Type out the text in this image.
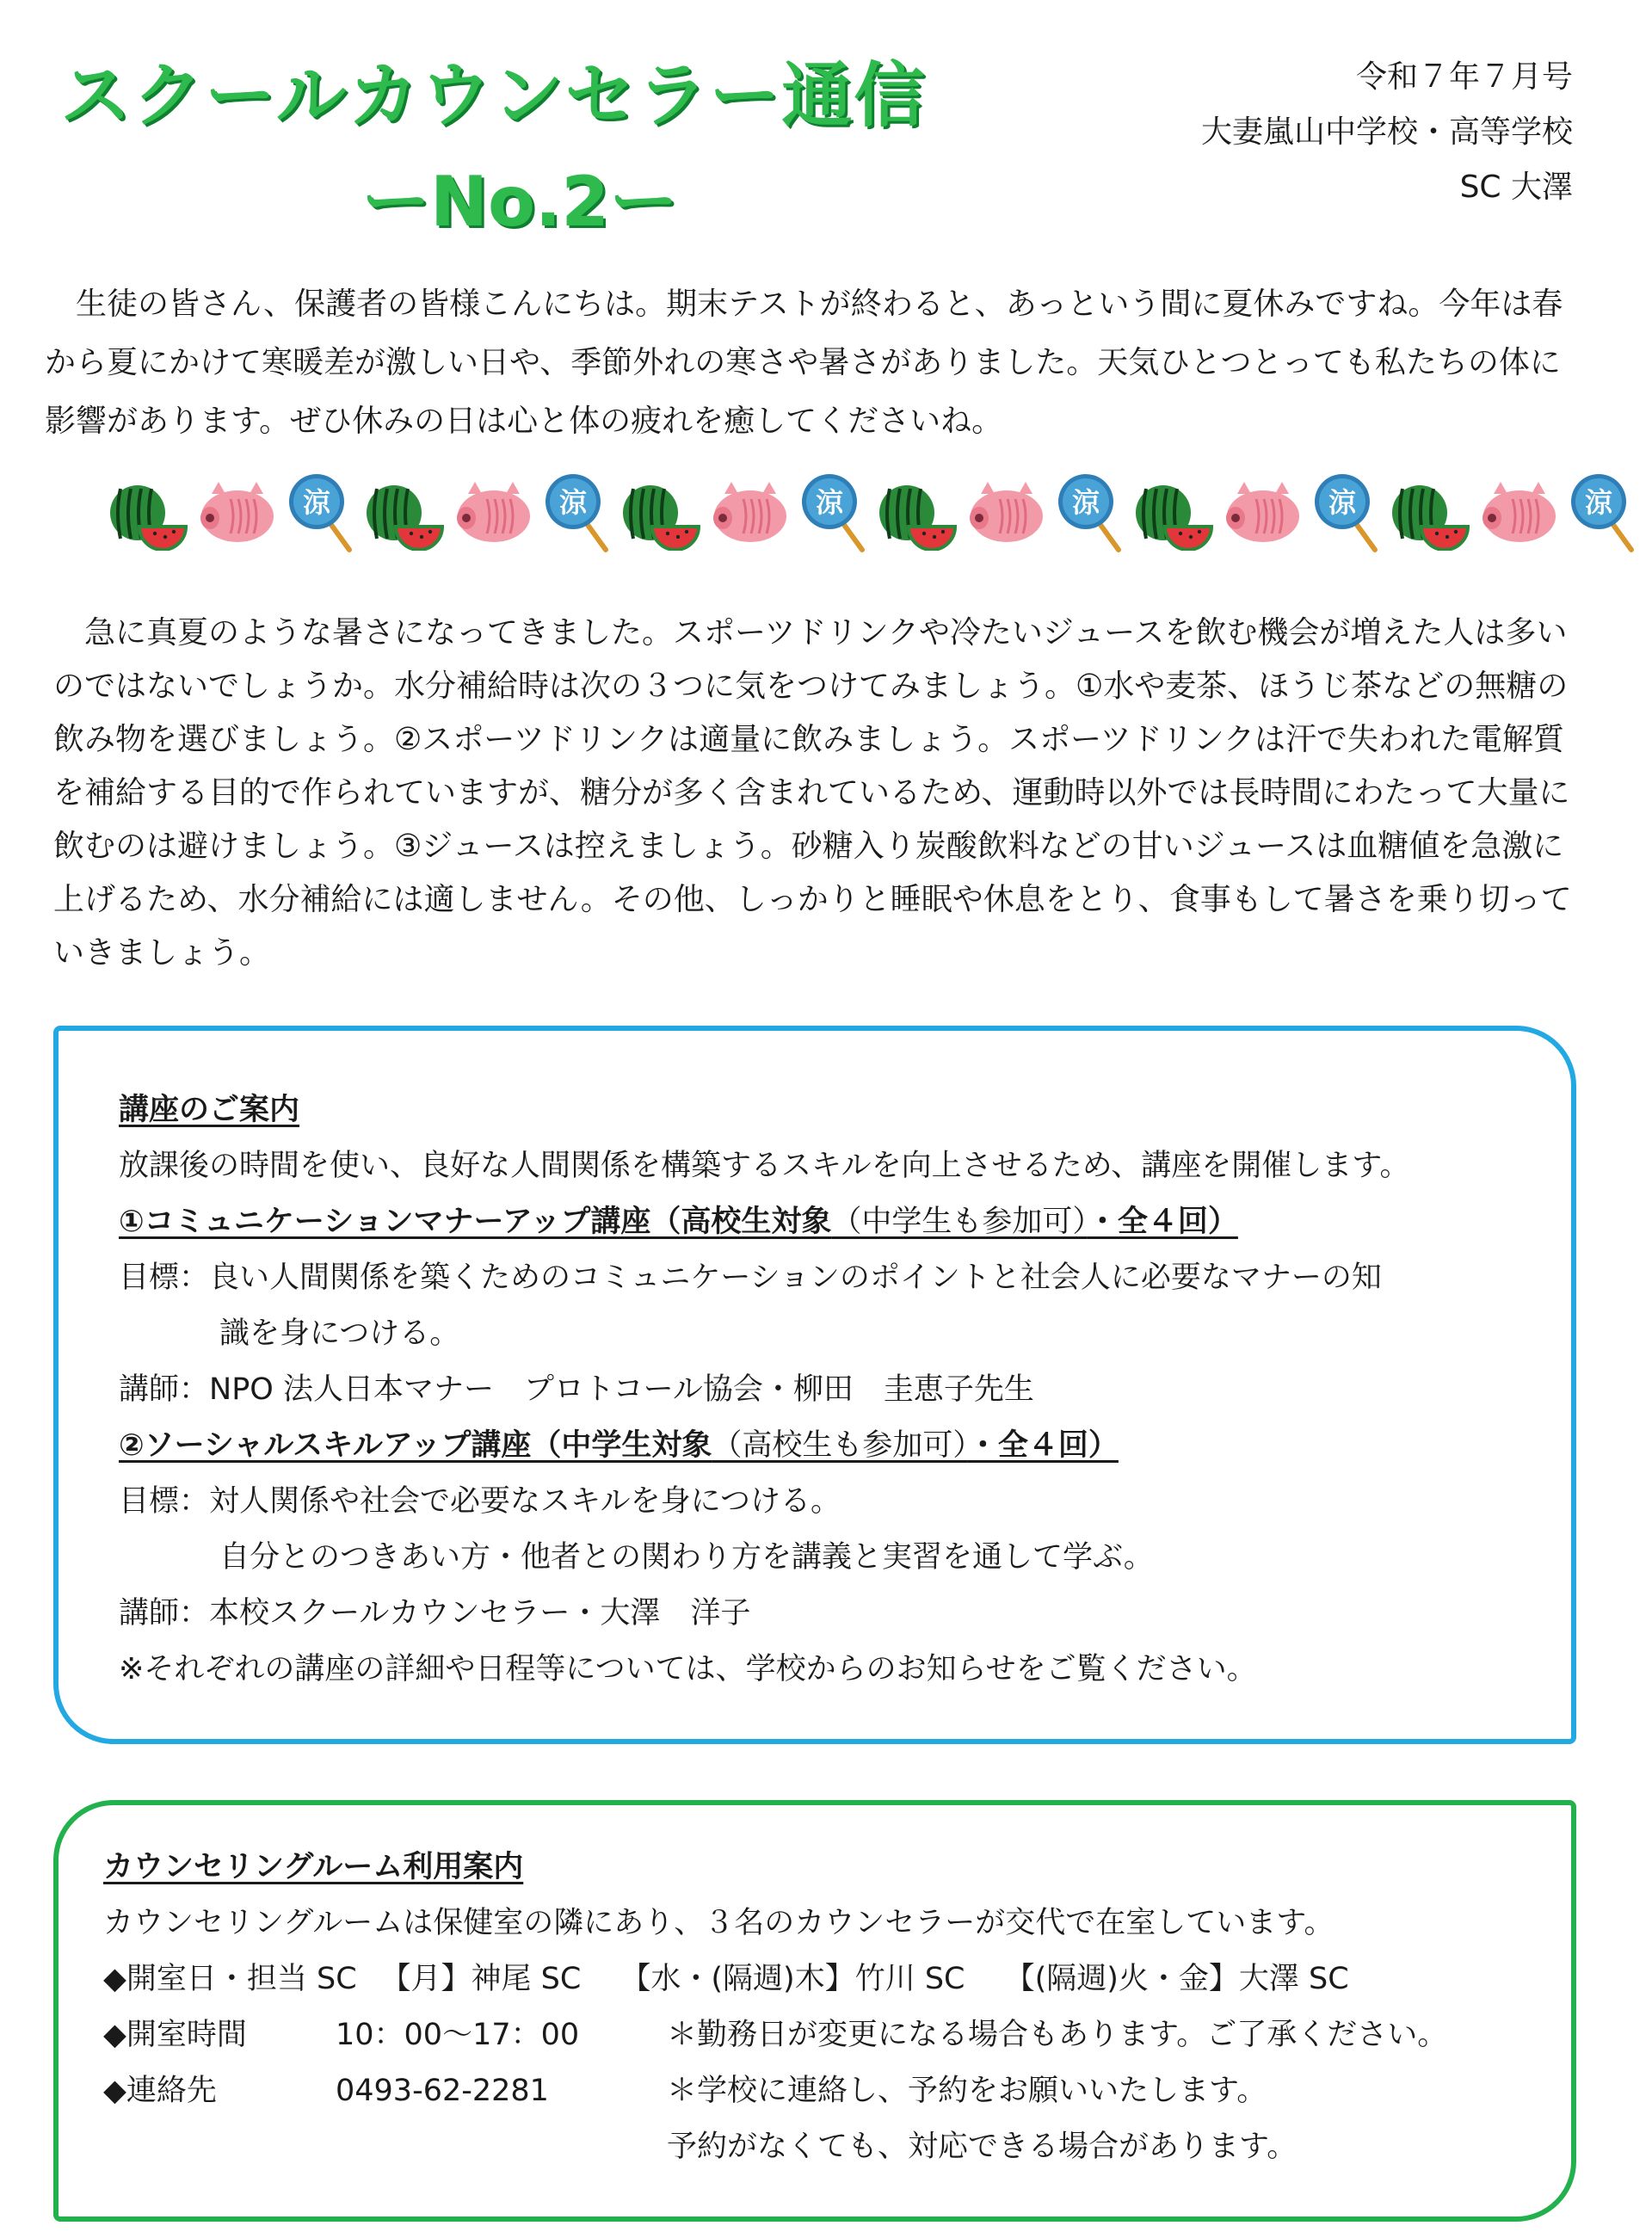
スクールカウンセラー通信
ーNo.2ー
令和７年７月号
大妻嵐山中学校・高等学校
SC 大澤

　生徒の皆さん、保護者の皆様こんにちは。期末テストが終わると、あっという間に夏休みですね。今年は春から夏にかけて寒暖差が激しい日や、季節外れの寒さや暑さがありました。天気ひとつとっても私たちの体に影響があります。ぜひ休みの日は心と体の疲れを癒してくださいね。

涼	涼	涼	涼	涼	涼

　急に真夏のような暑さになってきました。スポーツドリンクや冷たいジュースを飲む機会が増えた人は多いのではないでしょうか。水分補給時は次の３つに気をつけてみましょう。①水や麦茶、ほうじ茶などの無糖の飲み物を選びましょう。②スポーツドリンクは適量に飲みましょう。スポーツドリンクは汗で失われた電解質を補給する目的で作られていますが、糖分が多く含まれているため、運動時以外では長時間にわたって大量に飲むのは避けましょう。③ジュースは控えましょう。砂糖入り炭酸飲料などの甘いジュースは血糖値を急激に上げるため、水分補給には適しません。その他、しっかりと睡眠や休息をとり、食事もして暑さを乗り切っていきましょう。

講座のご案内
放課後の時間を使い、良好な人間関係を構築するスキルを向上させるため、講座を開催します。
①コミュニケーションマナーアップ講座（高校生対象（中学生も参加可）・全４回）
目標： 良い人間関係を築くためのコミュニケーションのポイントと社会人に必要なマナーの知
識を身につける。
講師： NPO 法人日本マナー　プロトコール協会・柳田　圭恵子先生
②ソーシャルスキルアップ講座（中学生対象（高校生も参加可）・全４回）
目標： 対人関係や社会で必要なスキルを身につける。
自分とのつきあい方・他者との関わり方を講義と実習を通して学ぶ。
講師： 本校スクールカウンセラー・大澤　洋子
※それぞれの講座の詳細や日程等については、学校からのお知らせをご覧ください。
カウンセリングルーム利用案内
カウンセリングルームは保健室の隣にあり、３名のカウンセラーが交代で在室しています。
◆開室日・担当 SC
　　【月】神尾 SC　 【水・(隔週)木】竹川 SC　 【(隔週)火・金】大澤 SC
◆開室時間	10：00～17：00	＊勤務日が変更になる場合もあります。ご了承ください。
◆連絡先	0493-62-2281	＊学校に連絡し、予約をお願いいたします。
予約がなくても、対応できる場合があります。
